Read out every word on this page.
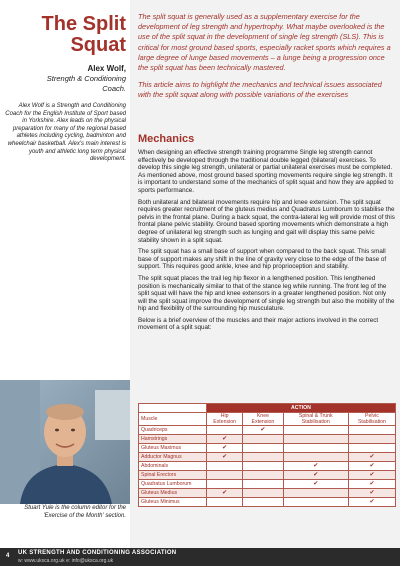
The Split
Squat
Alex Wolf,
Strength & Conditioning
Coach.
Alex Wolf is a Strength and Conditioning Coach for the English Institute of Sport based in Yorkshire. Alex leads on the physical preparation for many of the regional based athletes including cycling, badminton and wheelchair basketball. Alex's main interest is youth and athletic long term physical development.
Stuart Yule is the column editor for the 'Exercise of the Month' section.

The split squat is generally used as a supplementary exercise for the development of leg strength and hypertrophy. What maybe overlooked is the use of the split squat in the development of single leg strength (SLS). This is critical for most ground based sports, especially racket sports which requires a large degree of lunge based movements – a lunge being a progression once the split squat has been technically mastered.

This article aims to highlight the mechanics and technical issues associated with the split squat along with possible variations of the exercises

Mechanics

When designing an effective strength training programme Single leg strength cannot effectively be developed through the traditional double legged (bilateral) exercises. To develop this single leg strength, unilateral or partial unilateral exercises must be completed. As mentioned above, most ground based sporting movements require single leg strength. It is important to understand some of the mechanics of split squat and how they are applied to sports performance.

Both unilateral and bilateral movements require hip and knee extension. The split squat requires greater recruitment of the gluteus medius and Quadratus Lumborum to stabilise the pelvis in the frontal plane. During a back squat, the contra-lateral leg will provide most of this frontal plane pelvic stability. Ground based sporting movements which demonstrate a high degree of unilateral leg strength such as lunging and gait will display this same pelvic stability shown in a split squat.

The split squat has a small base of support when compared to the back squat. This small base of support makes any shift in the line of gravity very close to the edge of the base of support. This requires good ankle, knee and hip proprioception and stability.

The split squat places the trail leg hip flexor in a lengthened position. This lengthened position is mechanically similar to that of the stance leg while running. The front leg of the split squat will have the hip and knee extensors in a greater lengthened position. Not only will the split squat improve the development of single leg strength but also the mobility of the hip and flexibility of the surrounding hip musculature.

Below is a brief overview of the muscles and their major actions involved in the correct movement of a split squat:

	ACTION			
Muscle	Hip Extension	Knee Extension	Spinal & Trunk Stabilisation	Pelvic Stabilisation
Quadriceps		✔		
Hamstrings	✔			
Gluteus Maximus	✔			
Adductor Magnus	✔			✔
Abdominals			✔	✔
Spinal Erectors			✔	✔
Quadratus Lumborum			✔	✔
Gluteus Medius	✔			✔
Gluteus Minimus				✔
4 UK STRENGTH AND CONDITIONING ASSOCIATION
w: www.uksca.org.uk e: info@uksca.org.uk
